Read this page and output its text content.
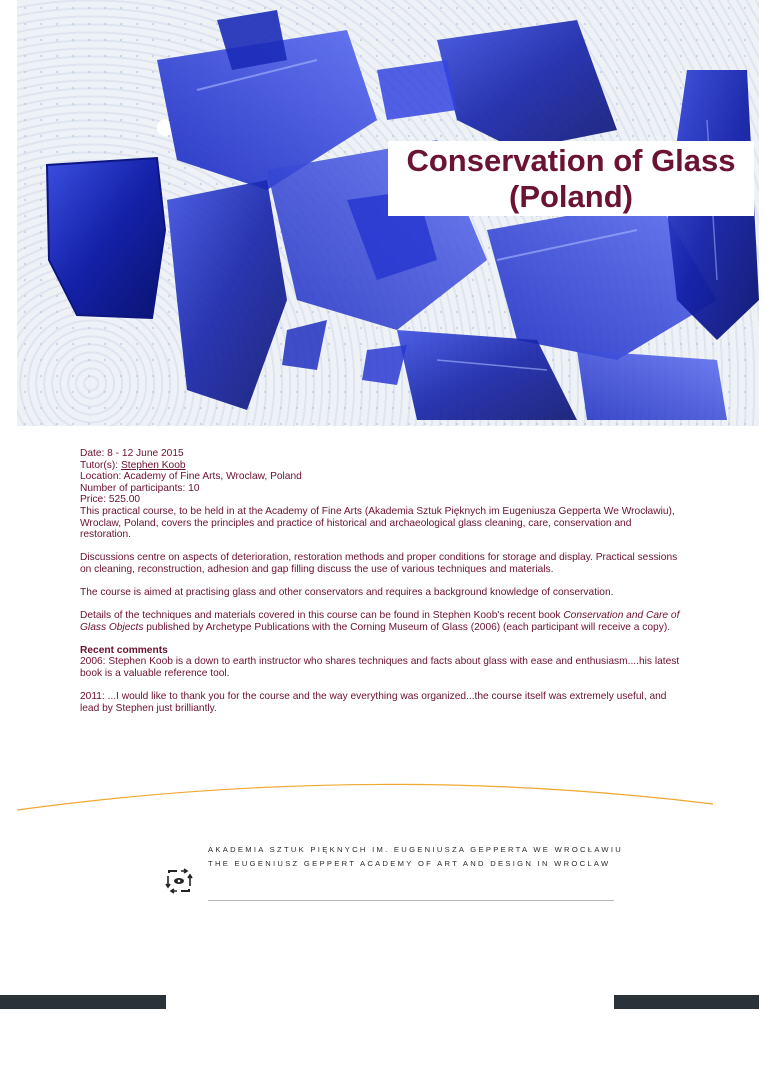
Conservation of Glass
(Poland)

Date: 8 - 12 June 2015

Tutor(s): Stephen Koob

Location: Academy of Fine Arts, Wroclaw, Poland

Number of participants: 10

Price: 525.00

This practical course, to be held in at the Academy of Fine Arts (Akademia Sztuk Pięknych im Eugeniusza Gepperta We Wrocławiu), Wroclaw, Poland, covers the principles and practice of historical and archaeological glass cleaning, care, conservation and restoration.

Discussions centre on aspects of deterioration, restoration methods and proper conditions for storage and display. Practical sessions on cleaning, reconstruction, adhesion and gap filling discuss the use of various techniques and materials.

The course is aimed at practising glass and other conservators and requires a background knowledge of conservation.

Details of the techniques and materials covered in this course can be found in Stephen Koob's recent book Conservation and Care of Glass Objects published by Archetype Publications with the Corning Museum of Glass (2006) (each participant will receive a copy).

Recent comments

2006: Stephen Koob is a down to earth instructor who shares techniques and facts about glass with ease and enthusiasm....his latest book is a valuable reference tool.

2011: ...I would like to thank you for the course and the way everything was organized...the course itself was extremely useful, and lead by Stephen just brilliantly.

AKADEMIA SZTUK PIĘKNYCH IM. EUGENIUSZA GEPPERTA WE WROCŁAWIU
THE EUGENIUSZ GEPPERT ACADEMY OF ART AND DESIGN IN WROCLAW
